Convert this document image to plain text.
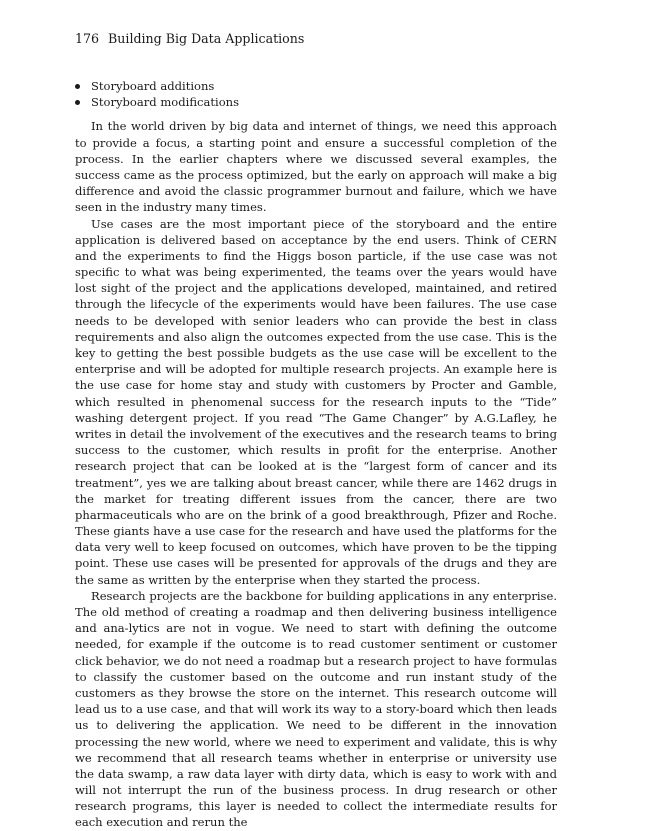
176 Building Big Data Applications
Storyboard additions
Storyboard modifications

In the world driven by big data and internet of things, we need this approach to provide a focus, a starting point and ensure a successful completion of the process. In the earlier chapters where we discussed several examples, the success came as the process optimized, but the early on approach will make a big difference and avoid the classic programmer burnout and failure, which we have seen in the industry many times.

Use cases are the most important piece of the storyboard and the entire application is delivered based on acceptance by the end users. Think of CERN and the experiments to find the Higgs boson particle, if the use case was not specific to what was being experimented, the teams over the years would have lost sight of the project and the applications developed, maintained, and retired through the lifecycle of the experiments would have been failures. The use case needs to be developed with senior leaders who can provide the best in class requirements and also align the outcomes expected from the use case. This is the key to getting the best possible budgets as the use case will be excellent to the enterprise and will be adopted for multiple research projects. An example here is the use case for home stay and study with customers by Procter and Gamble, which resulted in phenomenal success for the research inputs to the “Tide” washing detergent project. If you read “The Game Changer” by A.G.Lafley, he writes in detail the involvement of the executives and the research teams to bring success to the customer, which results in profit for the enterprise. Another research project that can be looked at is the “largest form of cancer and its treatment”, yes we are talking about breast cancer, while there are 1462 drugs in the market for treating different issues from the cancer, there are two pharmaceuticals who are on the brink of a good breakthrough, Pfizer and Roche. These giants have a use case for the research and have used the platforms for the data very well to keep focused on outcomes, which have proven to be the tipping point. These use cases will be presented for approvals of the drugs and they are the same as written by the enterprise when they started the process.

Research projects are the backbone for building applications in any enterprise. The old method of creating a roadmap and then delivering business intelligence and ana-lytics are not in vogue. We need to start with defining the outcome needed, for example if the outcome is to read customer sentiment or customer click behavior, we do not need a roadmap but a research project to have formulas to classify the customer based on the outcome and run instant study of the customers as they browse the store on the internet. This research outcome will lead us to a use case, and that will work its way to a story-board which then leads us to delivering the application. We need to be different in the innovation processing the new world, where we need to experiment and validate, this is why we recommend that all research teams whether in enterprise or university use the data swamp, a raw data layer with dirty data, which is easy to work with and will not interrupt the run of the business process. In drug research or other research programs, this layer is needed to collect the intermediate results for each execution and rerun the
